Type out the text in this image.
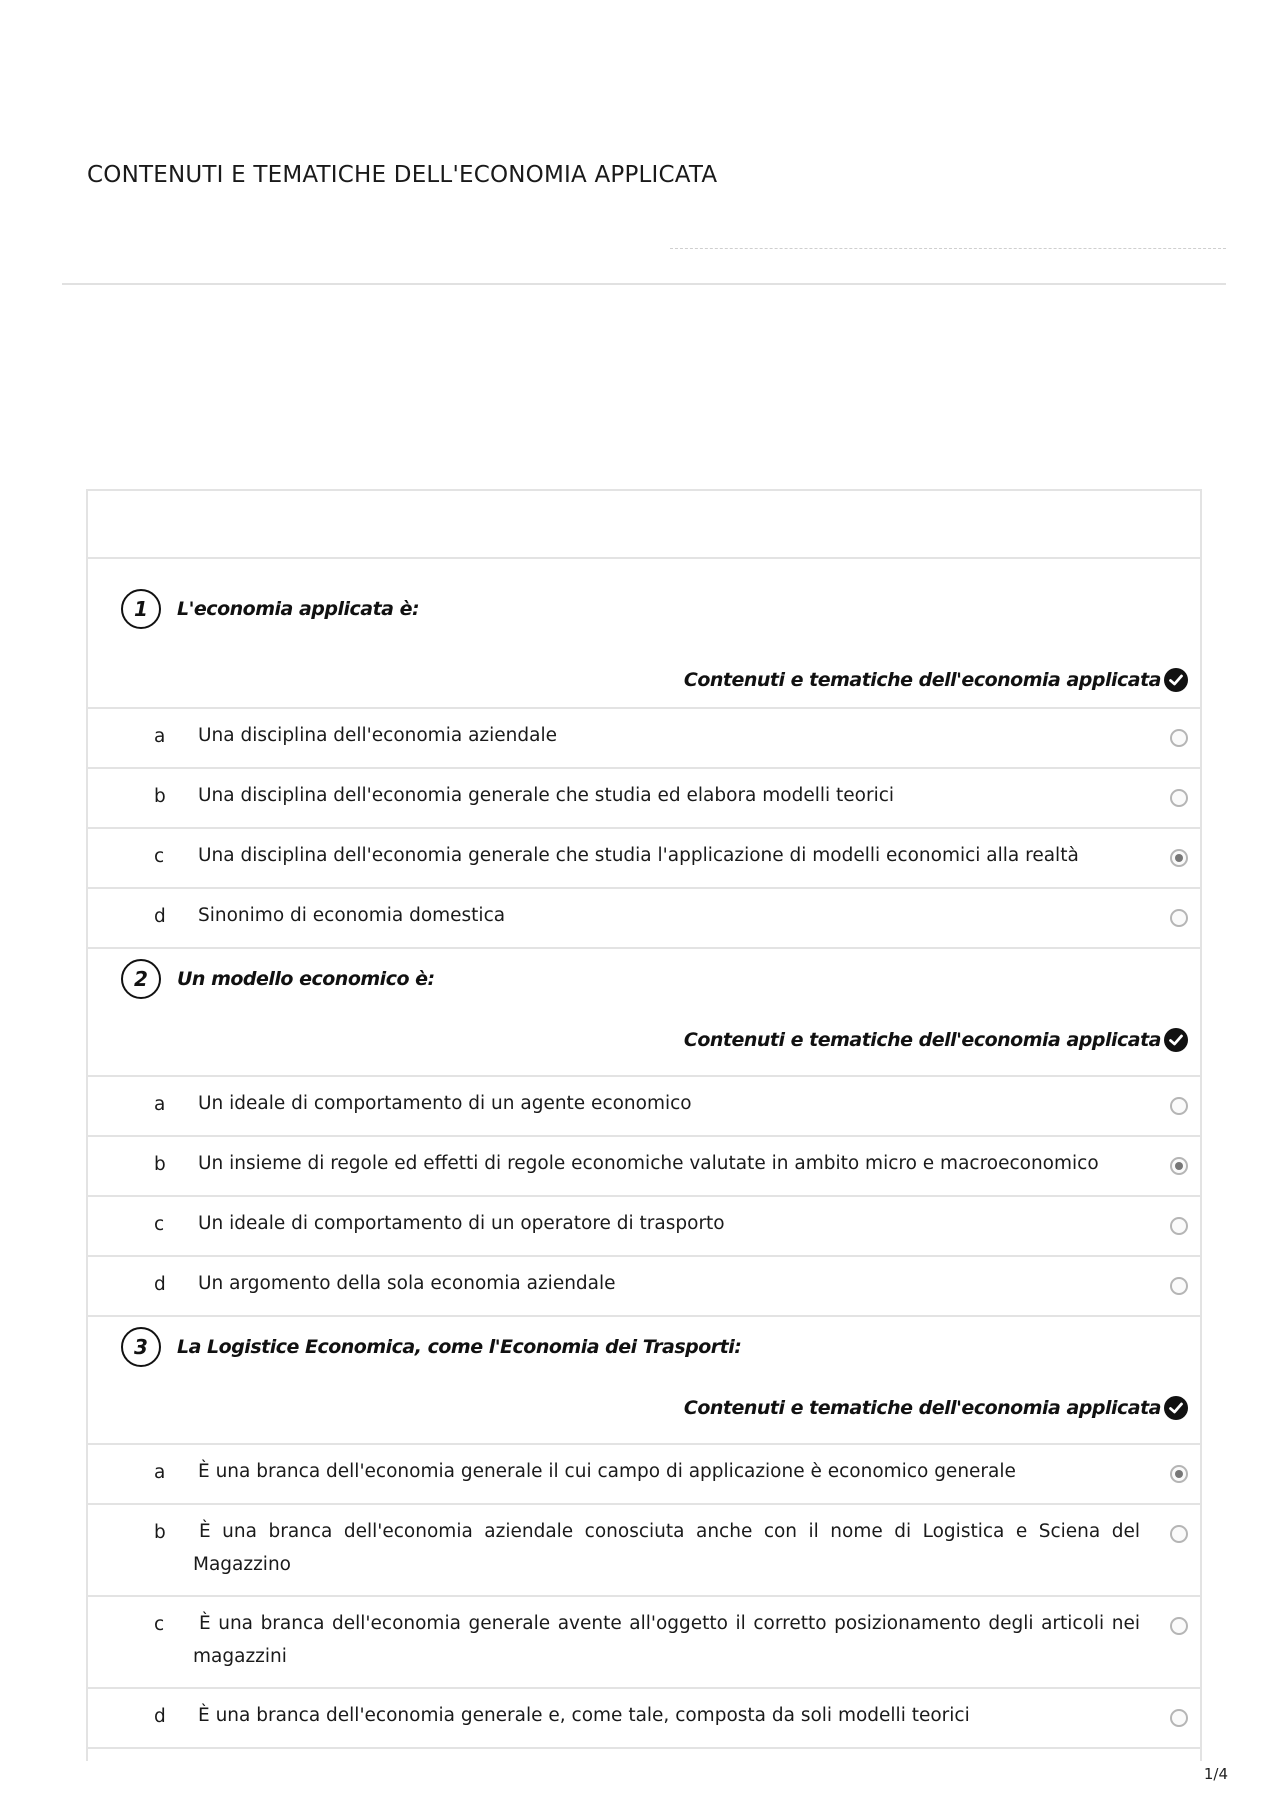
CONTENUTI E TEMATICHE DELL'ECONOMIA APPLICATA
1	L'economia applicata è:
Contenuti e tematiche dell'economia applicata
a	Una disciplina dell'economia aziendale
b	Una disciplina dell'economia generale che studia ed elabora modelli teorici
c	Una disciplina dell'economia generale che studia l'applicazione di modelli economici alla realtà
d	Sinonimo di economia domestica
2	Un modello economico è:
Contenuti e tematiche dell'economia applicata
a	Un ideale di comportamento di un agente economico
b	Un insieme di regole ed effetti di regole economiche valutate in ambito micro e macroeconomico
c	Un ideale di comportamento di un operatore di trasporto
d	Un argomento della sola economia aziendale
3	La Logistice Economica, come l'Economia dei Trasporti:
Contenuti e tematiche dell'economia applicata
a	È una branca dell'economia generale il cui campo di applicazione è economico generale
b	È una branca dell'economia aziendale conosciuta anche con il nome di Logistica e Sciena del Magazzino
c	È una branca dell'economia generale avente all'oggetto il corretto posizionamento degli articoli nei magazzini
d	È una branca dell'economia generale e, come tale, composta da soli modelli teorici
1/4
